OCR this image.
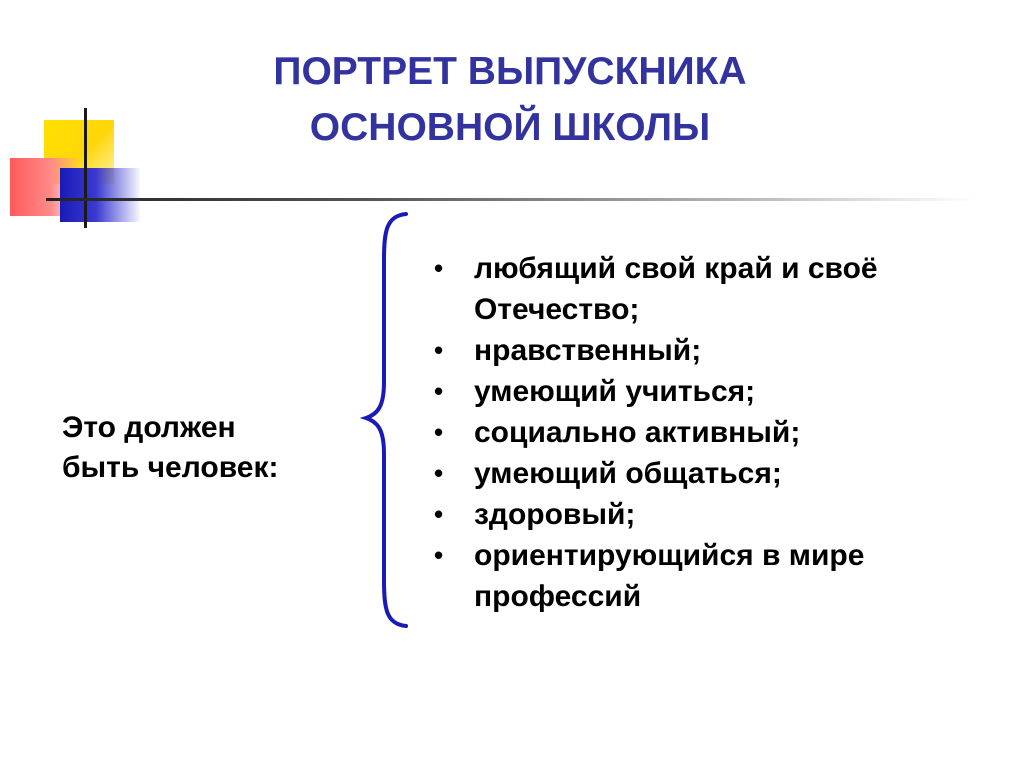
ПОРТРЕТ ВЫПУСКНИКА
ОСНОВНОЙ ШКОЛЫ

Это должен
быть человек:

• любящий свой край и своё
Отечество;
• нравственный;
• умеющий учиться;
• социально активный;
• умеющий общаться;
• здоровый;
• ориентирующийся в мире
профессий
